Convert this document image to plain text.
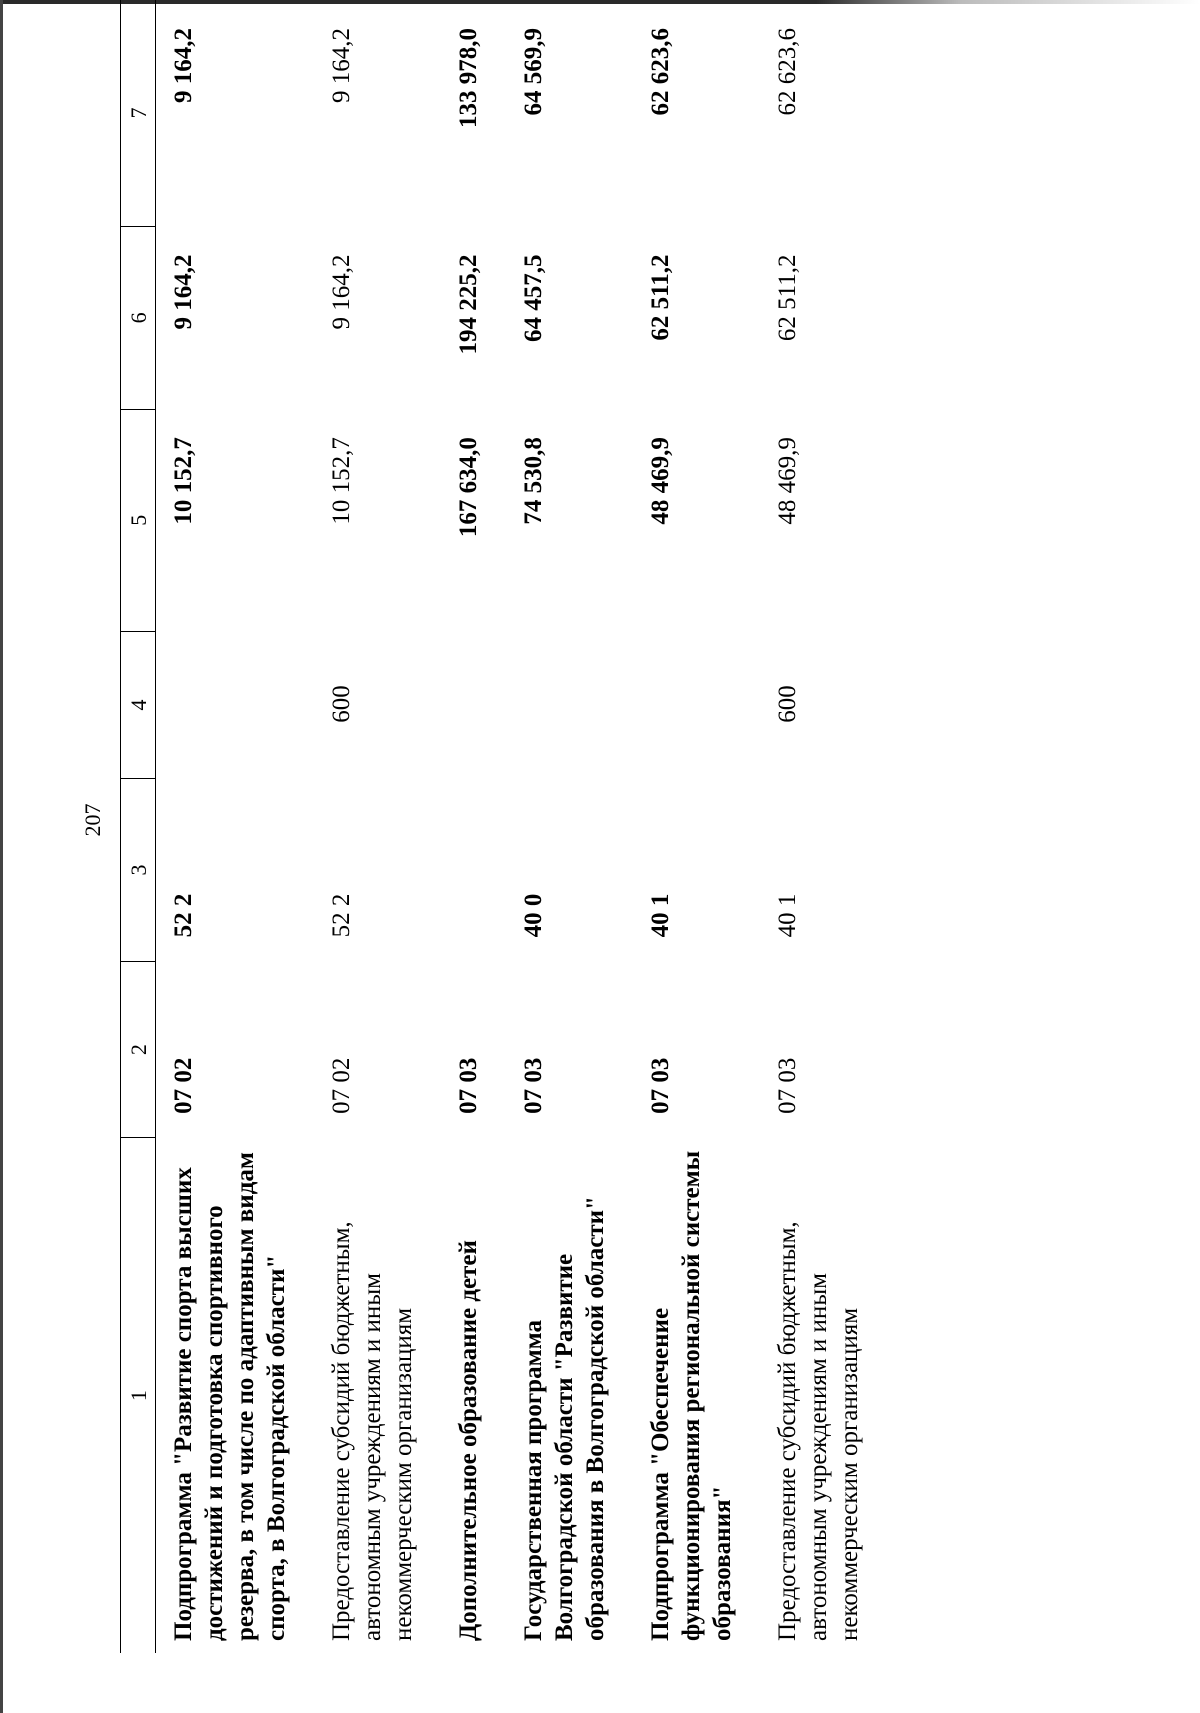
207
1	2	3	4	5	6	7
Подпрограмма "Развитие спорта высших достижений и подготовка спортивного резерва, в том числе по адаптивным видам спорта, в Волгоградской области"	07 02	52 2		10 152,7	9 164,2	9 164,2
Предоставление субсидий бюджетным, автономным учреждениям и иным некоммерческим организациям	07 02	52 2	600	10 152,7	9 164,2	9 164,2
Дополнительное образование детей	07 03			167 634,0	194 225,2	133 978,0
Государственная программа Волгоградской области "Развитие образования в Волгоградской области"	07 03	40 0		74 530,8	64 457,5	64 569,9
Подпрограмма "Обеспечение функционирования региональной системы образования"	07 03	40 1		48 469,9	62 511,2	62 623,6
Предоставление субсидий бюджетным, автономным учреждениям и иным некоммерческим организациям	07 03	40 1	600	48 469,9	62 511,2	62 623,6
